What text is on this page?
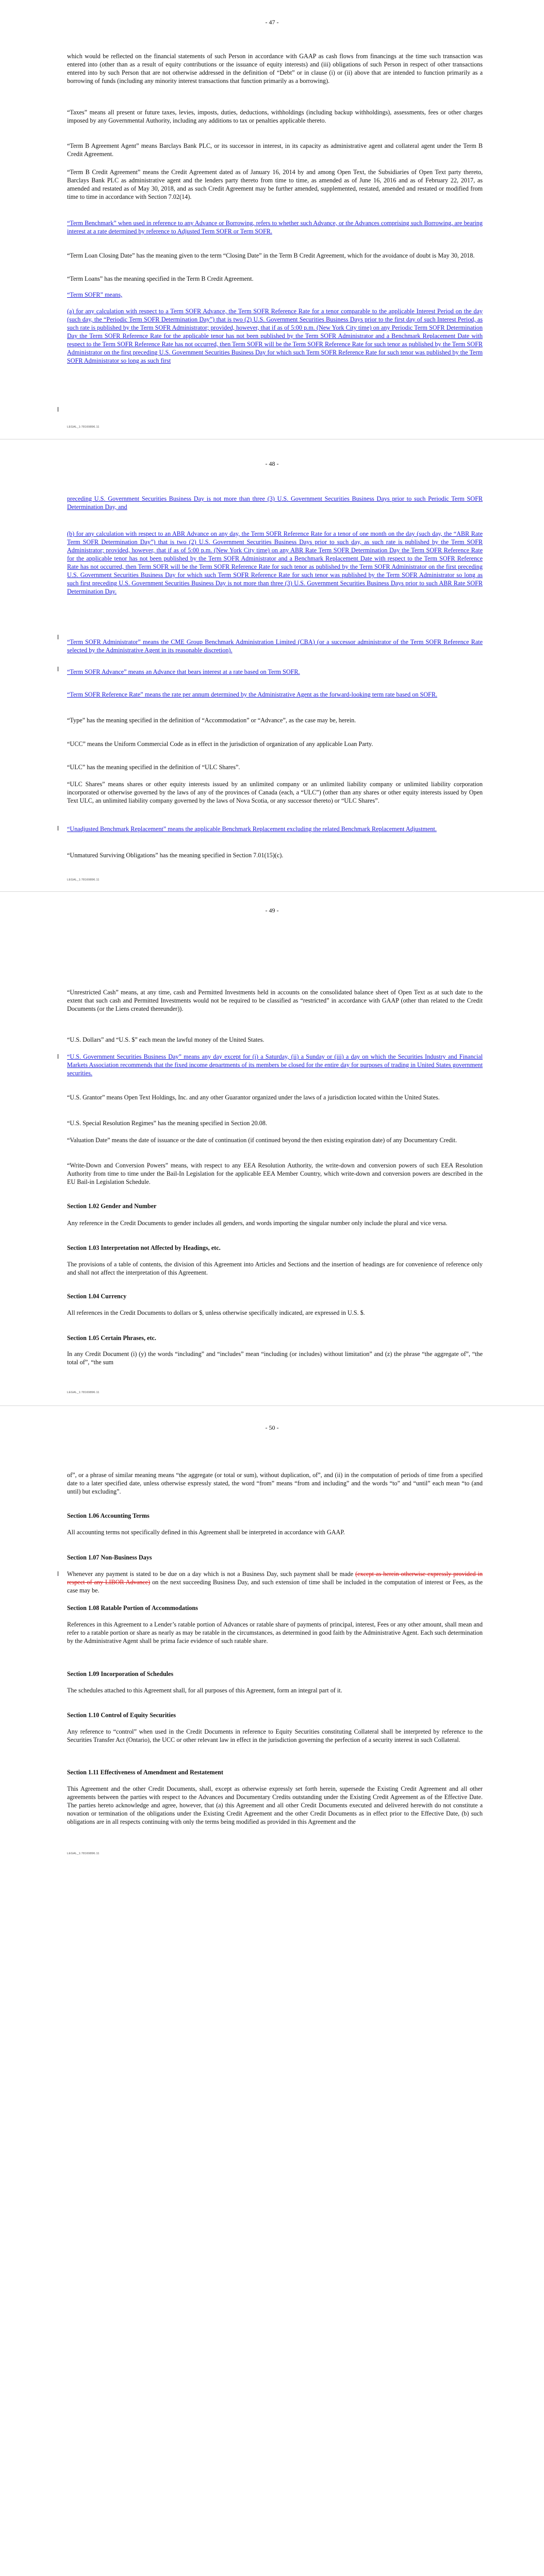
- 47 -

which would be reflected on the financial statements of such Person in accordance with GAAP as cash flows from financings at the time such transaction was entered into (other than as a result of equity contributions or the issuance of equity interests) and (iii) obligations of such Person in respect of other transactions entered into by such Person that are not otherwise addressed in the definition of “Debt” or in clause (i) or (ii) above that are intended to function primarily as a borrowing of funds (including any minority interest transactions that function primarily as a borrowing).

“Taxes” means all present or future taxes, levies, imposts, duties, deductions, withholdings (including backup withholdings), assessments, fees or other charges imposed by any Governmental Authority, including any additions to tax or penalties applicable thereto.

“Term B Agreement Agent” means Barclays Bank PLC, or its successor in interest, in its capacity as administrative agent and collateral agent under the Term B Credit Agreement.

“Term B Credit Agreement” means the Credit Agreement dated as of January 16, 2014 by and among Open Text, the Subsidiaries of Open Text party thereto, Barclays Bank PLC as administrative agent and the lenders party thereto from time to time, as amended as of June 16, 2016 and as of February 22, 2017, as amended and restated as of May 30, 2018, and as such Credit Agreement may be further amended, supplemented, restated, amended and restated or modified from time to time in accordance with Section 7.02(14).

“Term Benchmark” when used in reference to any Advance or Borrowing, refers to whether such Advance, or the Advances comprising such Borrowing, are bearing interest at a rate determined by reference to Adjusted Term SOFR or Term SOFR.

“Term Loan Closing Date” has the meaning given to the term “Closing Date” in the Term B Credit Agreement, which for the avoidance of doubt is May 30, 2018.

“Term Loans” has the meaning specified in the Term B Credit Agreement.

“Term SOFR” means,

(a) for any calculation with respect to a Term SOFR Advance, the Term SOFR Reference Rate for a tenor comparable to the applicable Interest Period on the day (such day, the “Periodic Term SOFR Determination Day”) that is two (2) U.S. Government Securities Business Days prior to the first day of such Interest Period, as such rate is published by the Term SOFR Administrator; provided, however, that if as of 5:00 p.m. (New York City time) on any Periodic Term SOFR Determination Day the Term SOFR Reference Rate for the applicable tenor has not been published by the Term SOFR Administrator and a Benchmark Replacement Date with respect to the Term SOFR Reference Rate has not occurred, then Term SOFR will be the Term SOFR Reference Rate for such tenor as published by the Term SOFR Administrator on the first preceding U.S. Government Securities Business Day for which such Term SOFR Reference Rate for such tenor was published by the Term SOFR Administrator so long as such first

LEGAL_1:78169896.11
- 48 -

preceding U.S. Government Securities Business Day is not more than three (3) U.S. Government Securities Business Days prior to such Periodic Term SOFR Determination Day, and

(b) for any calculation with respect to an ABR Advance on any day, the Term SOFR Reference Rate for a tenor of one month on the day (such day, the “ABR Rate Term SOFR Determination Day”) that is two (2) U.S. Government Securities Business Days prior to such day, as such rate is published by the Term SOFR Administrator; provided, however, that if as of 5:00 p.m. (New York City time) on any ABR Rate Term SOFR Determination Day the Term SOFR Reference Rate for the applicable tenor has not been published by the Term SOFR Administrator and a Benchmark Replacement Date with respect to the Term SOFR Reference Rate has not occurred, then Term SOFR will be the Term SOFR Reference Rate for such tenor as published by the Term SOFR Administrator on the first preceding U.S. Government Securities Business Day for which such Term SOFR Reference Rate for such tenor was published by the Term SOFR Administrator so long as such first preceding U.S. Government Securities Business Day is not more than three (3) U.S. Government Securities Business Days prior to such ABR Rate SOFR Determination Day.

“Term SOFR Administrator” means the CME Group Benchmark Administration Limited (CBA) (or a successor administrator of the Term SOFR Reference Rate selected by the Administrative Agent in its reasonable discretion).

“Term SOFR Advance” means an Advance that bears interest at a rate based on Term SOFR.

“Term SOFR Reference Rate” means the rate per annum determined by the Administrative Agent as the forward-looking term rate based on SOFR.

“Type” has the meaning specified in the definition of “Accommodation” or “Advance”, as the case may be, herein.

“UCC” means the Uniform Commercial Code as in effect in the jurisdiction of organization of any applicable Loan Party.

“ULC” has the meaning specified in the definition of “ULC Shares”.

“ULC Shares” means shares or other equity interests issued by an unlimited company or an unlimited liability company or unlimited liability corporation incorporated or otherwise governed by the laws of any of the provinces of Canada (each, a “ULC”) (other than any shares or other equity interests issued by Open Text ULC, an unlimited liability company governed by the laws of Nova Scotia, or any successor thereto) or “ULC Shares”.

“Unadjusted Benchmark Replacement” means the applicable Benchmark Replacement excluding the related Benchmark Replacement Adjustment.

“Unmatured Surviving Obligations” has the meaning specified in Section 7.01(15)(c).

LEGAL_1:78169896.11
- 49 -

“Unrestricted Cash” means, at any time, cash and Permitted Investments held in accounts on the consolidated balance sheet of Open Text as at such date to the extent that such cash and Permitted Investments would not be required to be classified as “restricted” in accordance with GAAP (other than related to the Credit Documents (or the Liens created thereunder)).

“U.S. Dollars” and “U.S. $” each mean the lawful money of the United States.

“U.S. Government Securities Business Day” means any day except for (i) a Saturday, (ii) a Sunday or (iii) a day on which the Securities Industry and Financial Markets Association recommends that the fixed income departments of its members be closed for the entire day for purposes of trading in United States government securities.

“U.S. Grantor” means Open Text Holdings, Inc. and any other Guarantor organized under the laws of a jurisdiction located within the United States.

“U.S. Special Resolution Regimes” has the meaning specified in Section 20.08.

“Valuation Date” means the date of issuance or the date of continuation (if continued beyond the then existing expiration date) of any Documentary Credit.

“Write-Down and Conversion Powers” means, with respect to any EEA Resolution Authority, the write-down and conversion powers of such EEA Resolution Authority from time to time under the Bail-In Legislation for the applicable EEA Member Country, which write-down and conversion powers are described in the EU Bail-in Legislation Schedule.

Section 1.02 Gender and Number

Any reference in the Credit Documents to gender includes all genders, and words importing the singular number only include the plural and vice versa.

Section 1.03 Interpretation not Affected by Headings, etc.

The provisions of a table of contents, the division of this Agreement into Articles and Sections and the insertion of headings are for convenience of reference only and shall not affect the interpretation of this Agreement.

Section 1.04 Currency

All references in the Credit Documents to dollars or $, unless otherwise specifically indicated, are expressed in U.S. $.

Section 1.05 Certain Phrases, etc.

In any Credit Document (i) (y) the words “including” and “includes” mean “including (or includes) without limitation” and (z) the phrase “the aggregate of”, “the total of”, “the sum

LEGAL_1:78169896.11
- 50 -

of”, or a phrase of similar meaning means “the aggregate (or total or sum), without duplication, of”, and (ii) in the computation of periods of time from a specified date to a later specified date, unless otherwise expressly stated, the word “from” means “from and including” and the words “to” and “until” each mean “to (and until) but excluding”.

Section 1.06 Accounting Terms

All accounting terms not specifically defined in this Agreement shall be interpreted in accordance with GAAP.

Section 1.07 Non-Business Days

Whenever any payment is stated to be due on a day which is not a Business Day, such payment shall be made (except as herein otherwise expressly provided in respect of any LIBOR Advance) on the next succeeding Business Day, and such extension of time shall be included in the computation of interest or Fees, as the case may be.

Section 1.08 Ratable Portion of Accommodations

References in this Agreement to a Lender’s ratable portion of Advances or ratable share of payments of principal, interest, Fees or any other amount, shall mean and refer to a ratable portion or share as nearly as may be ratable in the circumstances, as determined in good faith by the Administrative Agent. Each such determination by the Administrative Agent shall be prima facie evidence of such ratable share.

Section 1.09 Incorporation of Schedules

The schedules attached to this Agreement shall, for all purposes of this Agreement, form an integral part of it.

Section 1.10 Control of Equity Securities

Any reference to “control” when used in the Credit Documents in reference to Equity Securities constituting Collateral shall be interpreted by reference to the Securities Transfer Act (Ontario), the UCC or other relevant law in effect in the jurisdiction governing the perfection of a security interest in such Collateral.

Section 1.11 Effectiveness of Amendment and Restatement

This Agreement and the other Credit Documents, shall, except as otherwise expressly set forth herein, supersede the Existing Credit Agreement and all other agreements between the parties with respect to the Advances and Documentary Credits outstanding under the Existing Credit Agreement as of the Effective Date. The parties hereto acknowledge and agree, however, that (a) this Agreement and all other Credit Documents executed and delivered herewith do not constitute a novation or termination of the obligations under the Existing Credit Agreement and the other Credit Documents as in effect prior to the Effective Date, (b) such obligations are in all respects continuing with only the terms being modified as provided in this Agreement and the

LEGAL_1:78169896.11
